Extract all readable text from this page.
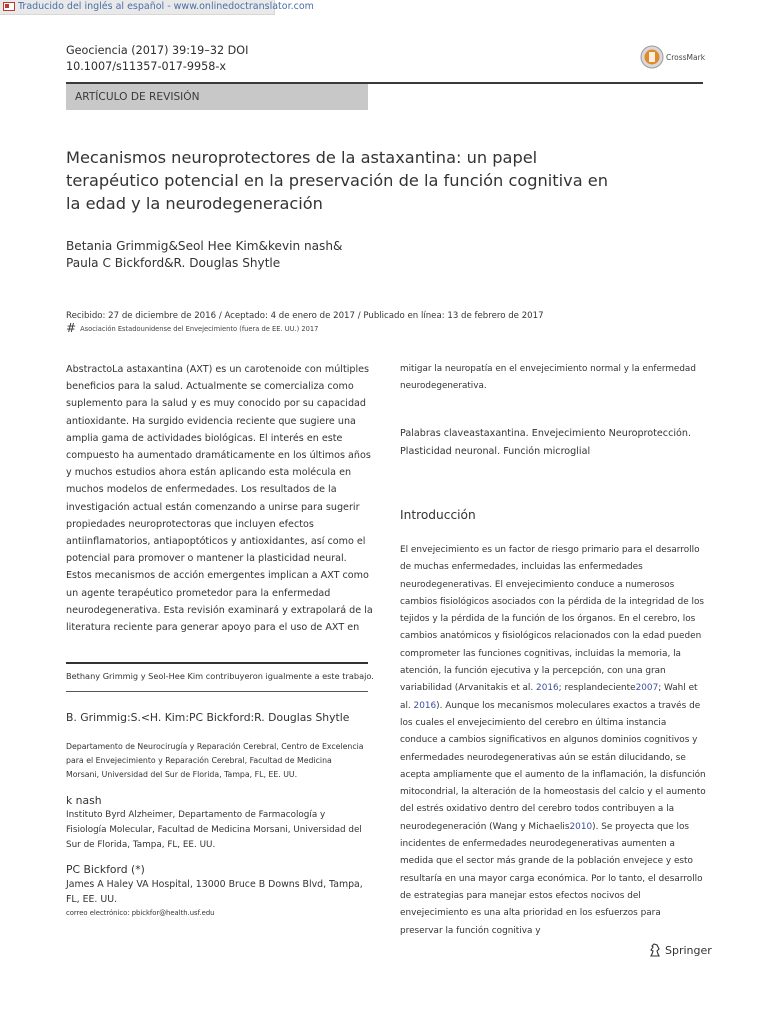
Traducido del inglés al español - www.onlinedoctranslator.com
Geociencia (2017) 39:19–32 DOI
10.1007/s11357-017-9958-x
CrossMark
ARTÍCULO DE REVISIÓN
Mecanismos neuroprotectores de la astaxantina: un papel terapéutico potencial en la preservación de la función cognitiva en la edad y la neurodegeneración
Betania Grimmig&Seol Hee Kim&kevin nash&
Paula C Bickford&R. Douglas Shytle
Recibido: 27 de diciembre de 2016 / Aceptado: 4 de enero de 2017 / Publicado en línea: 13 de febrero de 2017
# Asociación Estadounidense del Envejecimiento (fuera de EE. UU.) 2017
AbstractoLa astaxantina (AXT) es un carotenoide con múltiples beneficios para la salud. Actualmente se comercializa como suplemento para la salud y es muy conocido por su capacidad antioxidante. Ha surgido evidencia reciente que sugiere una amplia gama de actividades biológicas. El interés en este compuesto ha aumentado dramáticamente en los últimos años y muchos estudios ahora están aplicando esta molécula en muchos modelos de enfermedades. Los resultados de la investigación actual están comenzando a unirse para sugerir propiedades neuroprotectoras que incluyen efectos antiinflamatorios, antiapoptóticos y antioxidantes, así como el potencial para promover o mantener la plasticidad neural. Estos mecanismos de acción emergentes implican a AXT como un agente terapéutico prometedor para la enfermedad neurodegenerativa. Esta revisión examinará y extrapolará de la literatura reciente para generar apoyo para el uso de AXT en
Bethany Grimmig y Seol-Hee Kim contribuyeron igualmente a este trabajo.
B. Grimmig:S.<H. Kim:PC Bickford:R. Douglas Shytle
Departamento de Neurocirugía y Reparación Cerebral, Centro de Excelencia para el Envejecimiento y Reparación Cerebral, Facultad de Medicina Morsani, Universidad del Sur de Florida, Tampa, FL, EE. UU.
k nash
Instituto Byrd Alzheimer, Departamento de Farmacología y Fisiología Molecular, Facultad de Medicina Morsani, Universidad del Sur de Florida, Tampa, FL, EE. UU.
PC Bickford (*)
James A Haley VA Hospital, 13000 Bruce B Downs Blvd, Tampa, FL, EE. UU.
correo electrónico: pbickfor@health.usf.edu
mitigar la neuropatía en el envejecimiento normal y la enfermedad neurodegenerativa.
Palabras claveastaxantina. Envejecimiento Neuroprotección. Plasticidad neuronal. Función microglial
Introducción
El envejecimiento es un factor de riesgo primario para el desarrollo de muchas enfermedades, incluidas las enfermedades neurodegenerativas. El envejecimiento conduce a numerosos cambios fisiológicos asociados con la pérdida de la integridad de los tejidos y la pérdida de la función de los órganos. En el cerebro, los cambios anatómicos y fisiológicos relacionados con la edad pueden comprometer las funciones cognitivas, incluidas la memoria, la atención, la función ejecutiva y la percepción, con una gran variabilidad (Arvanitakis et al. 2016; resplandeciente2007; Wahl et al. 2016). Aunque los mecanismos moleculares exactos a través de los cuales el envejecimiento del cerebro en última instancia conduce a cambios significativos en algunos dominios cognitivos y enfermedades neurodegenerativas aún se están dilucidando, se acepta ampliamente que el aumento de la inflamación, la disfunción mitocondrial, la alteración de la homeostasis del calcio y el aumento del estrés oxidativo dentro del cerebro todos contribuyen a la neurodegeneración (Wang y Michaelis2010). Se proyecta que los incidentes de enfermedades neurodegenerativas aumenten a medida que el sector más grande de la población envejece y esto resultaría en una mayor carga económica. Por lo tanto, el desarrollo de estrategias para manejar estos efectos nocivos del envejecimiento es una alta prioridad en los esfuerzos para preservar la función cognitiva y
Springer
